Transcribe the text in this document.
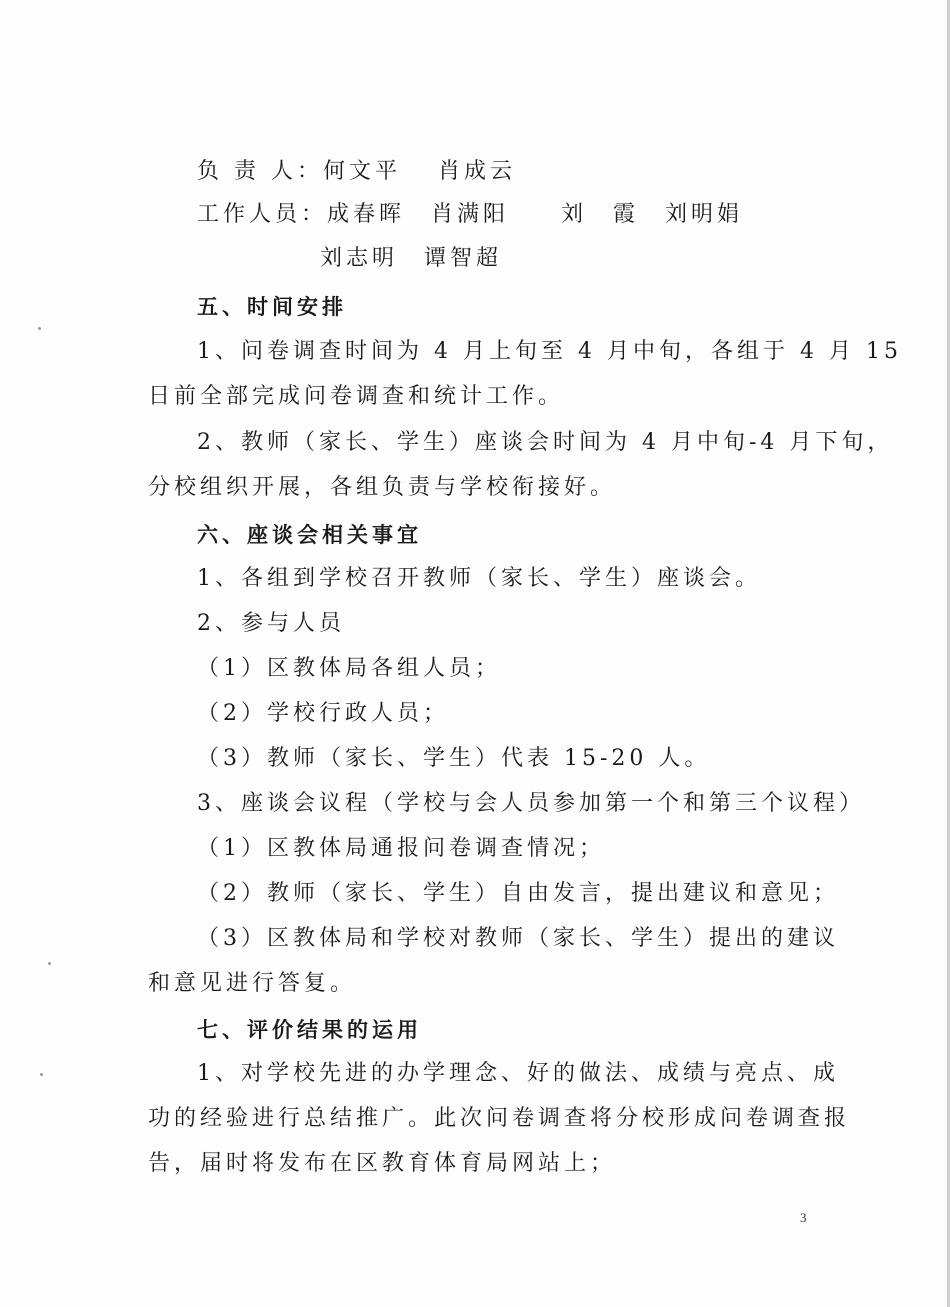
负 责 人：何文平　 肖成云
工作人员：成春晖　肖满阳　　刘　霞　刘明娟
刘志明　谭智超
五、时间安排
1、问卷调查时间为 4 月上旬至 4 月中旬，各组于 4 月 15
日前全部完成问卷调查和统计工作。
2、教师（家长、学生）座谈会时间为 4 月中旬-4 月下旬，
分校组织开展，各组负责与学校衔接好。
六、座谈会相关事宜
1、各组到学校召开教师（家长、学生）座谈会。
2、参与人员
（1）区教体局各组人员；
（2）学校行政人员；
（3）教师（家长、学生）代表 15-20 人。
3、座谈会议程（学校与会人员参加第一个和第三个议程）
（1）区教体局通报问卷调查情况；
（2）教师（家长、学生）自由发言，提出建议和意见；
（3）区教体局和学校对教师（家长、学生）提出的建议
和意见进行答复。
七、评价结果的运用
1、对学校先进的办学理念、好的做法、成绩与亮点、成
功的经验进行总结推广。此次问卷调查将分校形成问卷调查报
告，届时将发布在区教育体育局网站上；
3
